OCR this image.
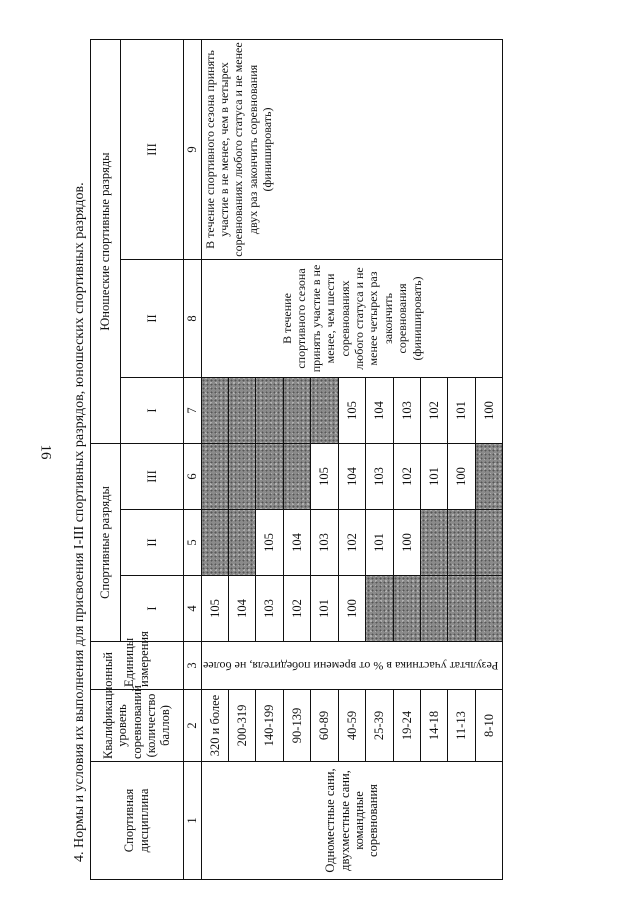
16 4. Нормы и условия их выполнения для присвоения I-III спортивных разрядов, юношеских спортивных разрядов.	Спортивная дисциплина	Квалификационный уровень соревнований (количество баллов)	Единицы измерения	Спортивные разряды			Юношеские спортивные разряды		
			I	II	III	I	II	III
1	2	3	4	5	6	7	8	9
Одноместные сани, двухместные сани, командные соревнования	320 и более	Результат участника в % от времени победителя, не более	105				В течение спортивного сезона принять участие в не менее, чем шести соревнованиях любого статуса и не менее четырех раз закончить соревнования (финишировать)	В течение спортивного сезона принять участие в не менее, чем в четырех соревнованиях любого статуса и не менее двух раз закончить соревнования (финишировать)
	200-319		104					
	140-199		103	105				
	90-139		102	104				
	60-89		101	103	105			
	40-59		100	102	104	105		
	25-39			101	103	104		
	19-24			100	102	103		
	14-18				101	102		
	11-13				100	101		
	8-10					100		
